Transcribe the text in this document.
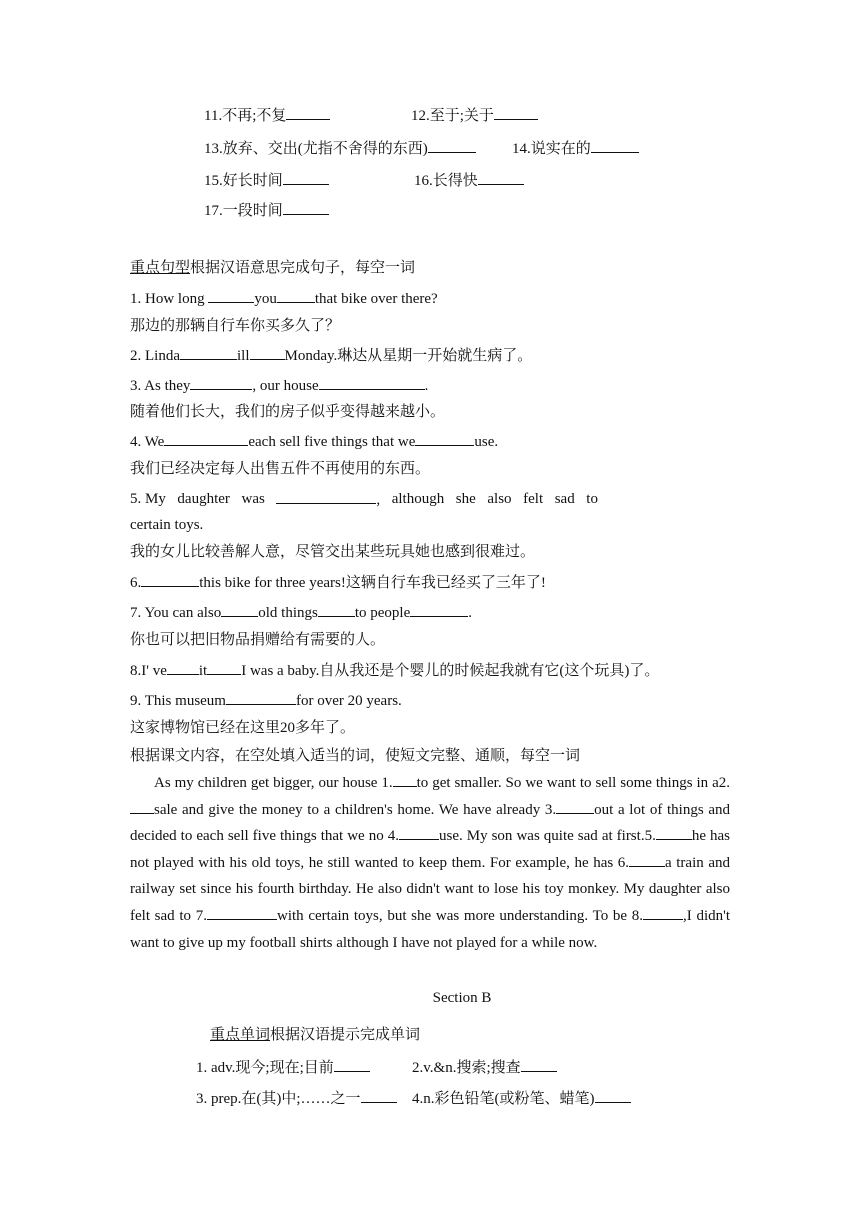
11.不再;不复	12.至于;关于
13.放弃、交出(尤指不舍得的东西)	14.说实在的
15.好长时间	16.长得快
17.一段时间
重点句型根据汉语意思完成句子，每空一词
1. How long	you	that bike over there?
那边的那辆自行车你买多久了？
2. Linda	ill Monday.琳达从星期一开始就生病了。
3. As they	, our house	.
随着他们长大，我们的房子似乎变得越来越小。
4. We	each sell five things that we	use.
我们已经决定每人出售五件不再使用的东西。
5. My daughter was	, although she also felt sad to
certain toys.
我的女儿比较善解人意，尽管交出某些玩具她也感到很难过。
6.	this bike for three years!这辆自行车我已经买了三年了!
7. You can also old things to people	.
你也可以把旧物品捐赠给有需要的人。
8.I' ve it I was a baby.自从我还是个婴儿的时候起我就有它(这个玩具)了。
9. This museum	for over 20 years.
这家博物馆已经在这里20多年了。
根据课文内容，在空处填入适当的词，使短文完整、通顺，每空一词
As my children get bigger, our house 1. to get smaller. So we want to sell some things in a2.sale and give the money to a children's home. We have already 3.	out a lot of things and decided to each sell five things that we no 4.	use. My son was quite sad at first.5. he has not played with his old toys, he still wanted to keep them. For example, he has 6. a train and railway set since his fourth birthday. He also didn't want to lose his toy monkey. My daughter also felt sad to 7.	with certain toys, but she was more understanding. To be 8.	,I didn't want to give up my football shirts although I have not played for a while now.
Section B
重点单词根据汉语提示完成单词
1. adv.现今;现在;目前	2.v.&n.搜索;搜查
3. prep.在(其)中;……之一	4.n.彩色铅笔(或粉笔、蜡笔)
